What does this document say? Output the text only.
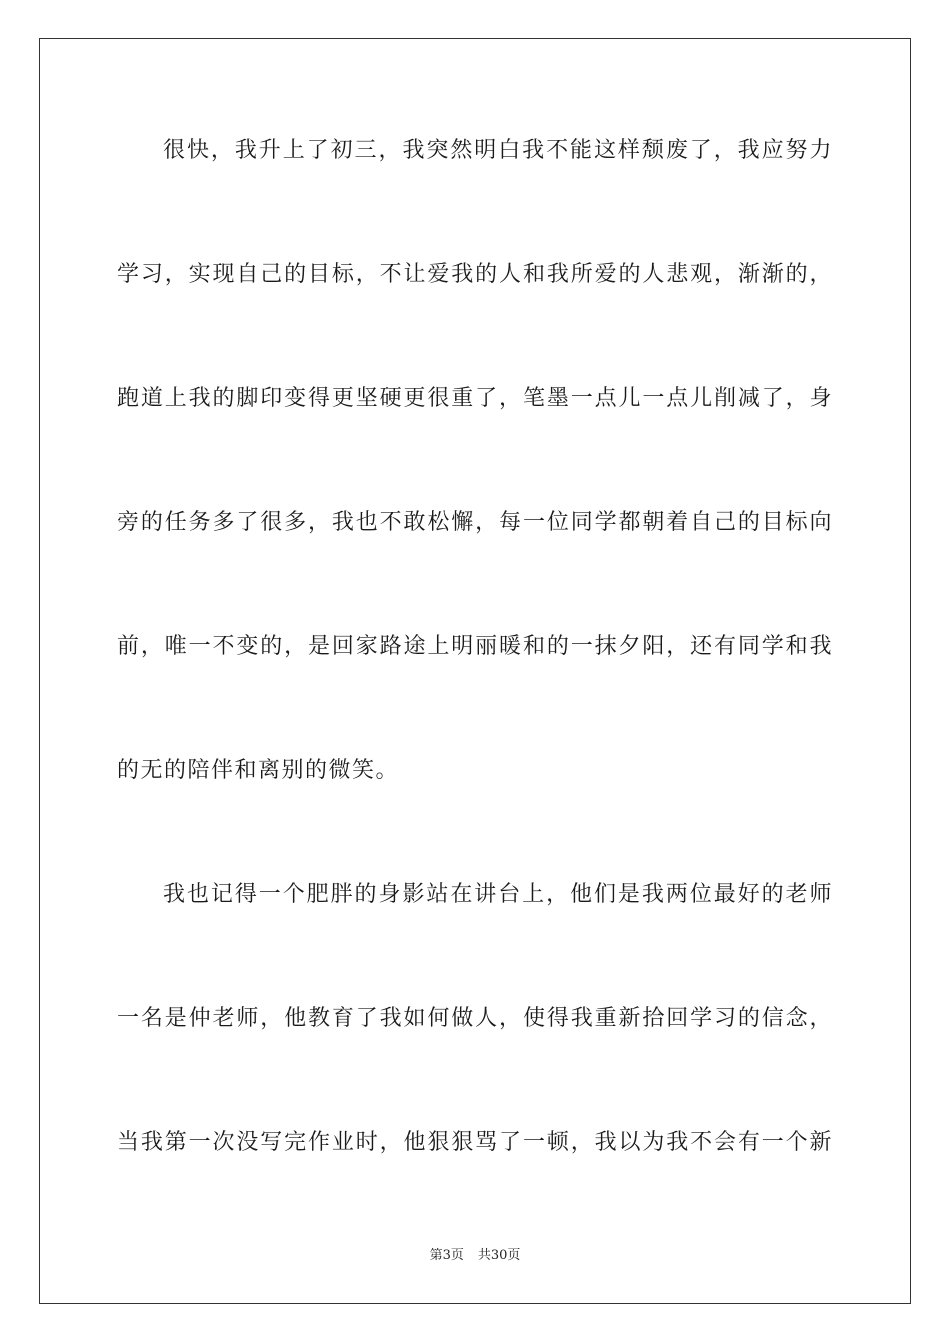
很快，我升上了初三，我突然明白我不能这样颓废了，我应努力

学习，实现自己的目标，不让爱我的人和我所爱的人悲观，渐渐的，

跑道上我的脚印变得更坚硬更很重了，笔墨一点儿一点儿削减了，身

旁的任务多了很多，我也不敢松懈，每一位同学都朝着自己的目标向

前，唯一不变的，是回家路途上明丽暖和的一抹夕阳，还有同学和我

的无的陪伴和离别的微笑。

我也记得一个肥胖的身影站在讲台上，他们是我两位最好的老师

一名是仲老师，他教育了我如何做人，使得我重新拾回学习的信念，

当我第一次没写完作业时，他狠狠骂了一顿，我以为我不会有一个新

第3页 共30页
